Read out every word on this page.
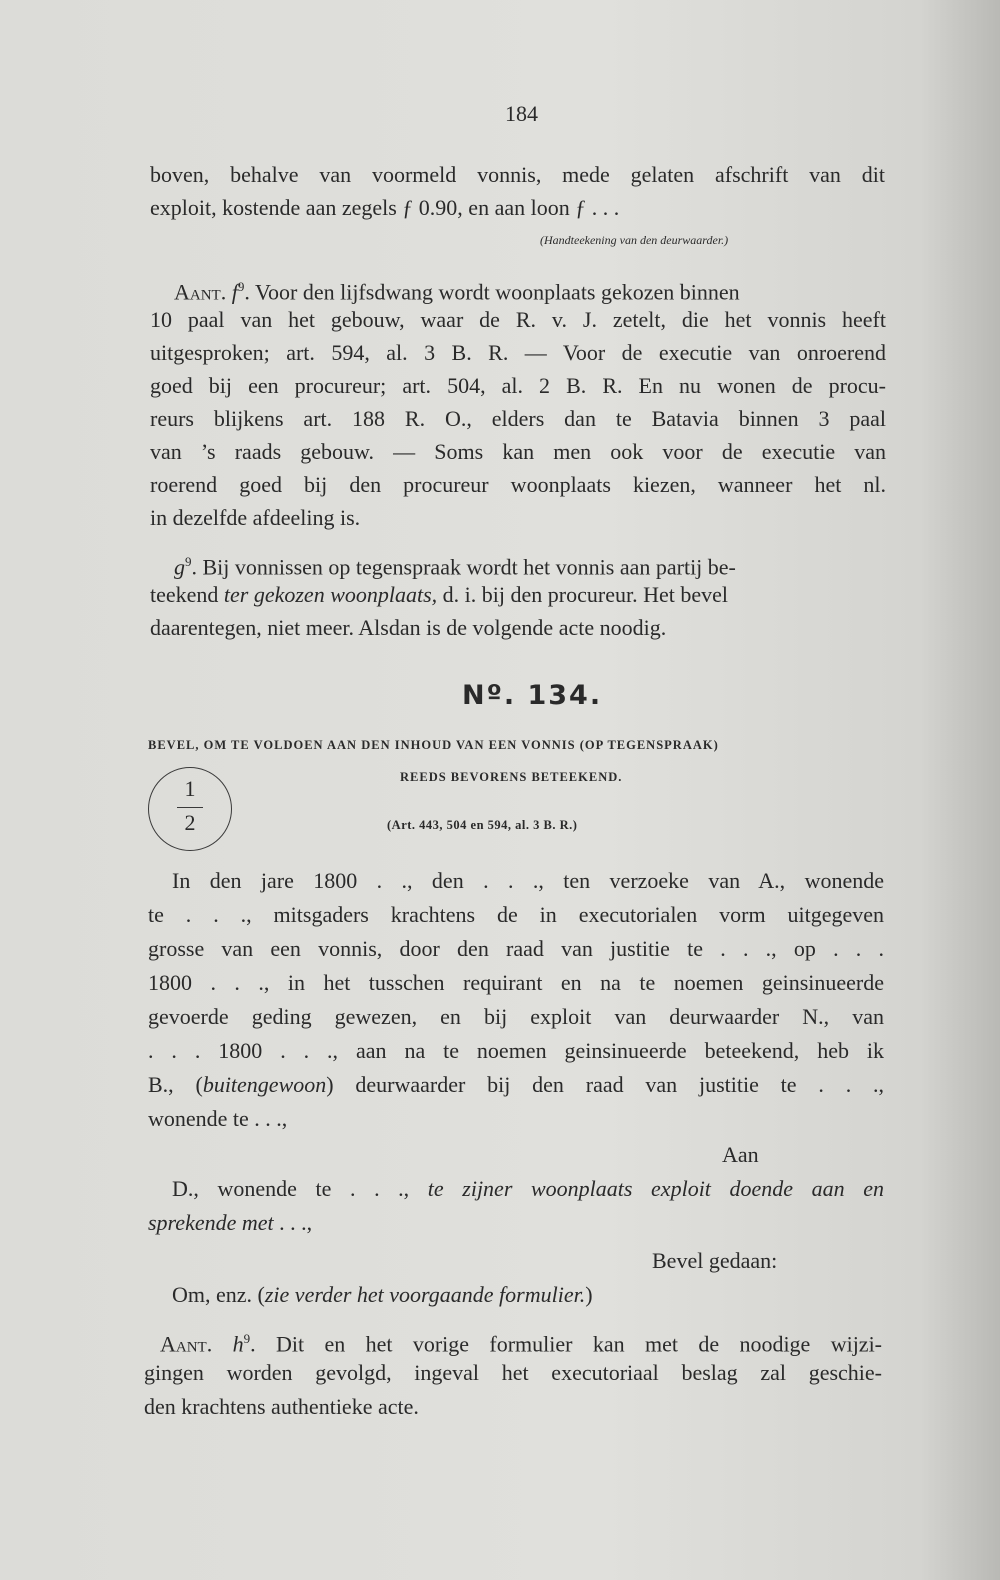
184
boven, behalve van voormeld vonnis, mede gelaten afschrift van dit
exploit, kostende aan zegels ƒ 0.90, en aan loon ƒ . . .
(Handteekening van den deurwaarder.)
Aant. $f^9$. Voor den lijfsdwang wordt woonplaats gekozen binnen
10 paal van het gebouw, waar de R. v. J. zetelt, die het vonnis heeft
uitgesproken; art. 594, al. 3 B. R. — Voor de executie van onroerend
goed bij een procureur; art. 504, al. 2 B. R. En nu wonen de procu-
reurs blijkens art. 188 R. O., elders dan te Batavia binnen 3 paal
van ’s raads gebouw. — Soms kan men ook voor de executie van
roerend goed bij den procureur woonplaats kiezen, wanneer het nl.
in dezelfde afdeeling is.
$g^9$. Bij vonnissen op tegenspraak wordt het vonnis aan partij be-
teekend ter gekozen woonplaats, d. i. bij den procureur. Het bevel
daarentegen, niet meer. Alsdan is de volgende acte noodig.
Nº. 134.
BEVEL, OM TE VOLDOEN AAN DEN INHOUD VAN EEN VONNIS (OP TEGENSPRAAK)
REEDS BEVORENS BETEEKEND.
(Art. 443, 504 en 594, al. 3 B. R.)
1
2
In den jare 1800 . ., den . . ., ten verzoeke van A., wonende
te . . ., mitsgaders krachtens de in executorialen vorm uitgegeven
grosse van een vonnis, door den raad van justitie te . . ., op . . .
1800 . . ., in het tusschen requirant en na te noemen geinsinueerde
gevoerde geding gewezen, en bij exploit van deurwaarder N., van
. . . 1800 . . ., aan na te noemen geinsinueerde beteekend, heb ik
B., (buitengewoon) deurwaarder bij den raad van justitie te . . .,
wonende te . . .,
Aan
D., wonende te . . ., te zijner woonplaats exploit doende aan en
sprekende met . . .,
Bevel gedaan:
Om, enz. (zie verder het voorgaande formulier.)
Aant. $h^9$. Dit en het vorige formulier kan met de noodige wijzi-
gingen worden gevolgd, ingeval het executoriaal beslag zal geschie-
den krachtens authentieke acte.
